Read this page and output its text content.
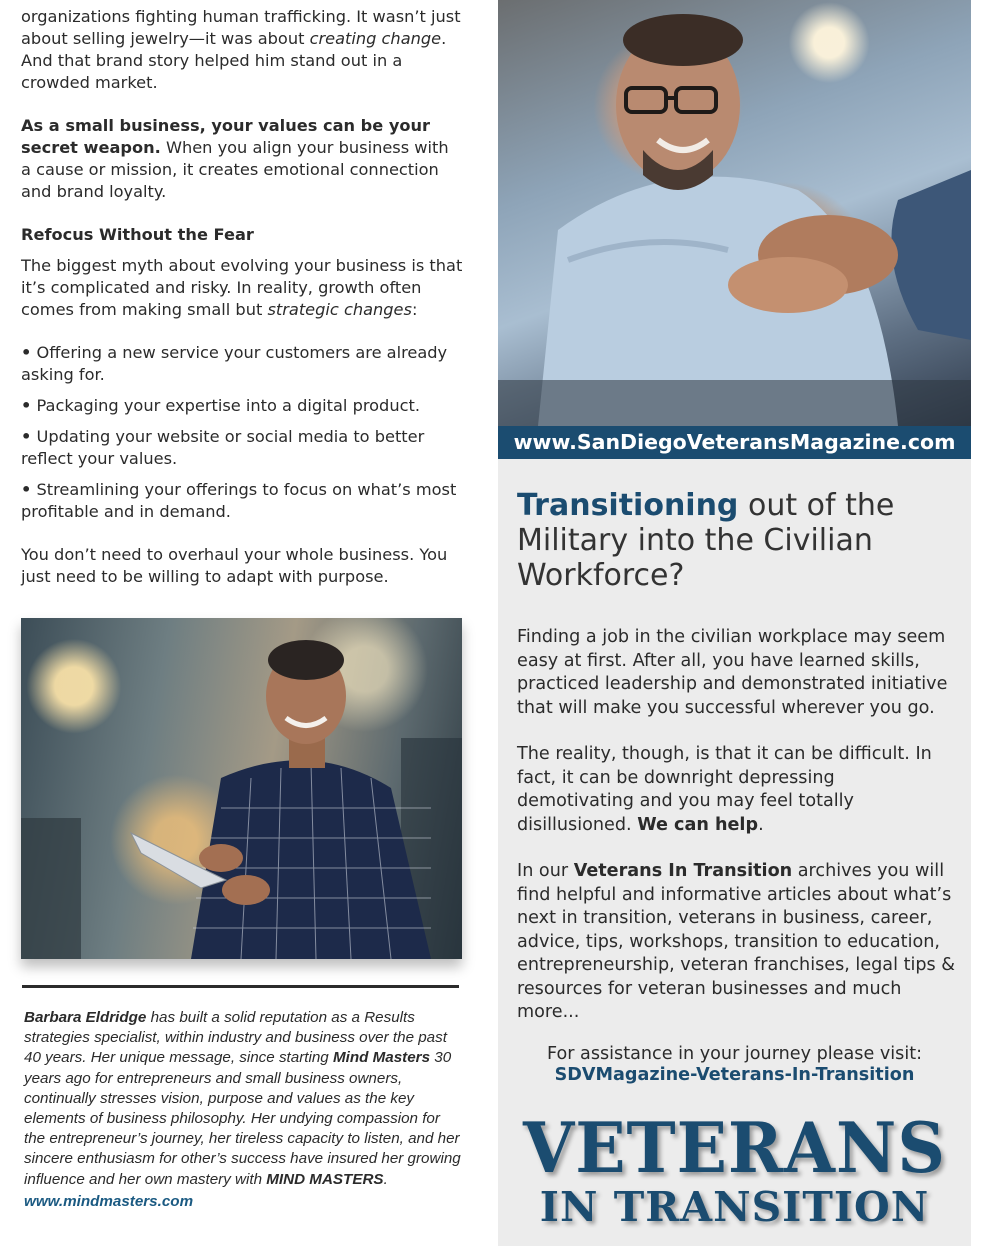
organizations fighting human trafficking. It wasn’t just about selling jewelry—it was about creating change. And that brand story helped him stand out in a crowded market.

As a small business, your values can be your secret weapon. When you align your business with a cause or mission, it creates emotional connection and brand loyalty.

Refocus Without the Fear

The biggest myth about evolving your business is that it’s complicated and risky. In reality, growth often comes from making small but strategic changes:

• Offering a new service your customers are already asking for.

• Packaging your expertise into a digital product.

• Updating your website or social media to better reflect your values.

• Streamlining your offerings to focus on what’s most profitable and in demand.

You don’t need to overhaul your whole business. You just need to be willing to adapt with purpose.

Barbara Eldridge has built a solid reputation as a Results strategies specialist, within industry and business over the past 40 years. Her unique message, since starting Mind Masters 30 years ago for entrepreneurs and small business owners, continually stresses vision, purpose and values as the key elements of business philosophy. Her undying compassion for the entrepreneur’s journey, her tireless capacity to listen, and her sincere enthusiasm for other’s success have insured her growing influence and her own mastery with MIND MASTERS.
www.mindmasters.com
www.SanDiegoVeteransMagazine.com
Transitioning out of the Military into the Civilian Workforce?

Finding a job in the civilian workplace may seem easy at first. After all, you have learned skills, practiced leadership and demonstrated initiative that will make you successful wherever you go.

The reality, though, is that it can be difficult. In fact, it can be downright depressing demotivating and you may feel totally disillusioned. We can help.

In our Veterans In Transition archives you will find helpful and informative articles about what’s next in transition, veterans in business, career, advice, tips, workshops, transition to education, entrepreneurship, veteran franchises, legal tips & resources for veteran businesses and much more...

For assistance in your journey please visit:
SDVMagazine-Veterans-In-Transition
VETERANS
IN TRANSITION
